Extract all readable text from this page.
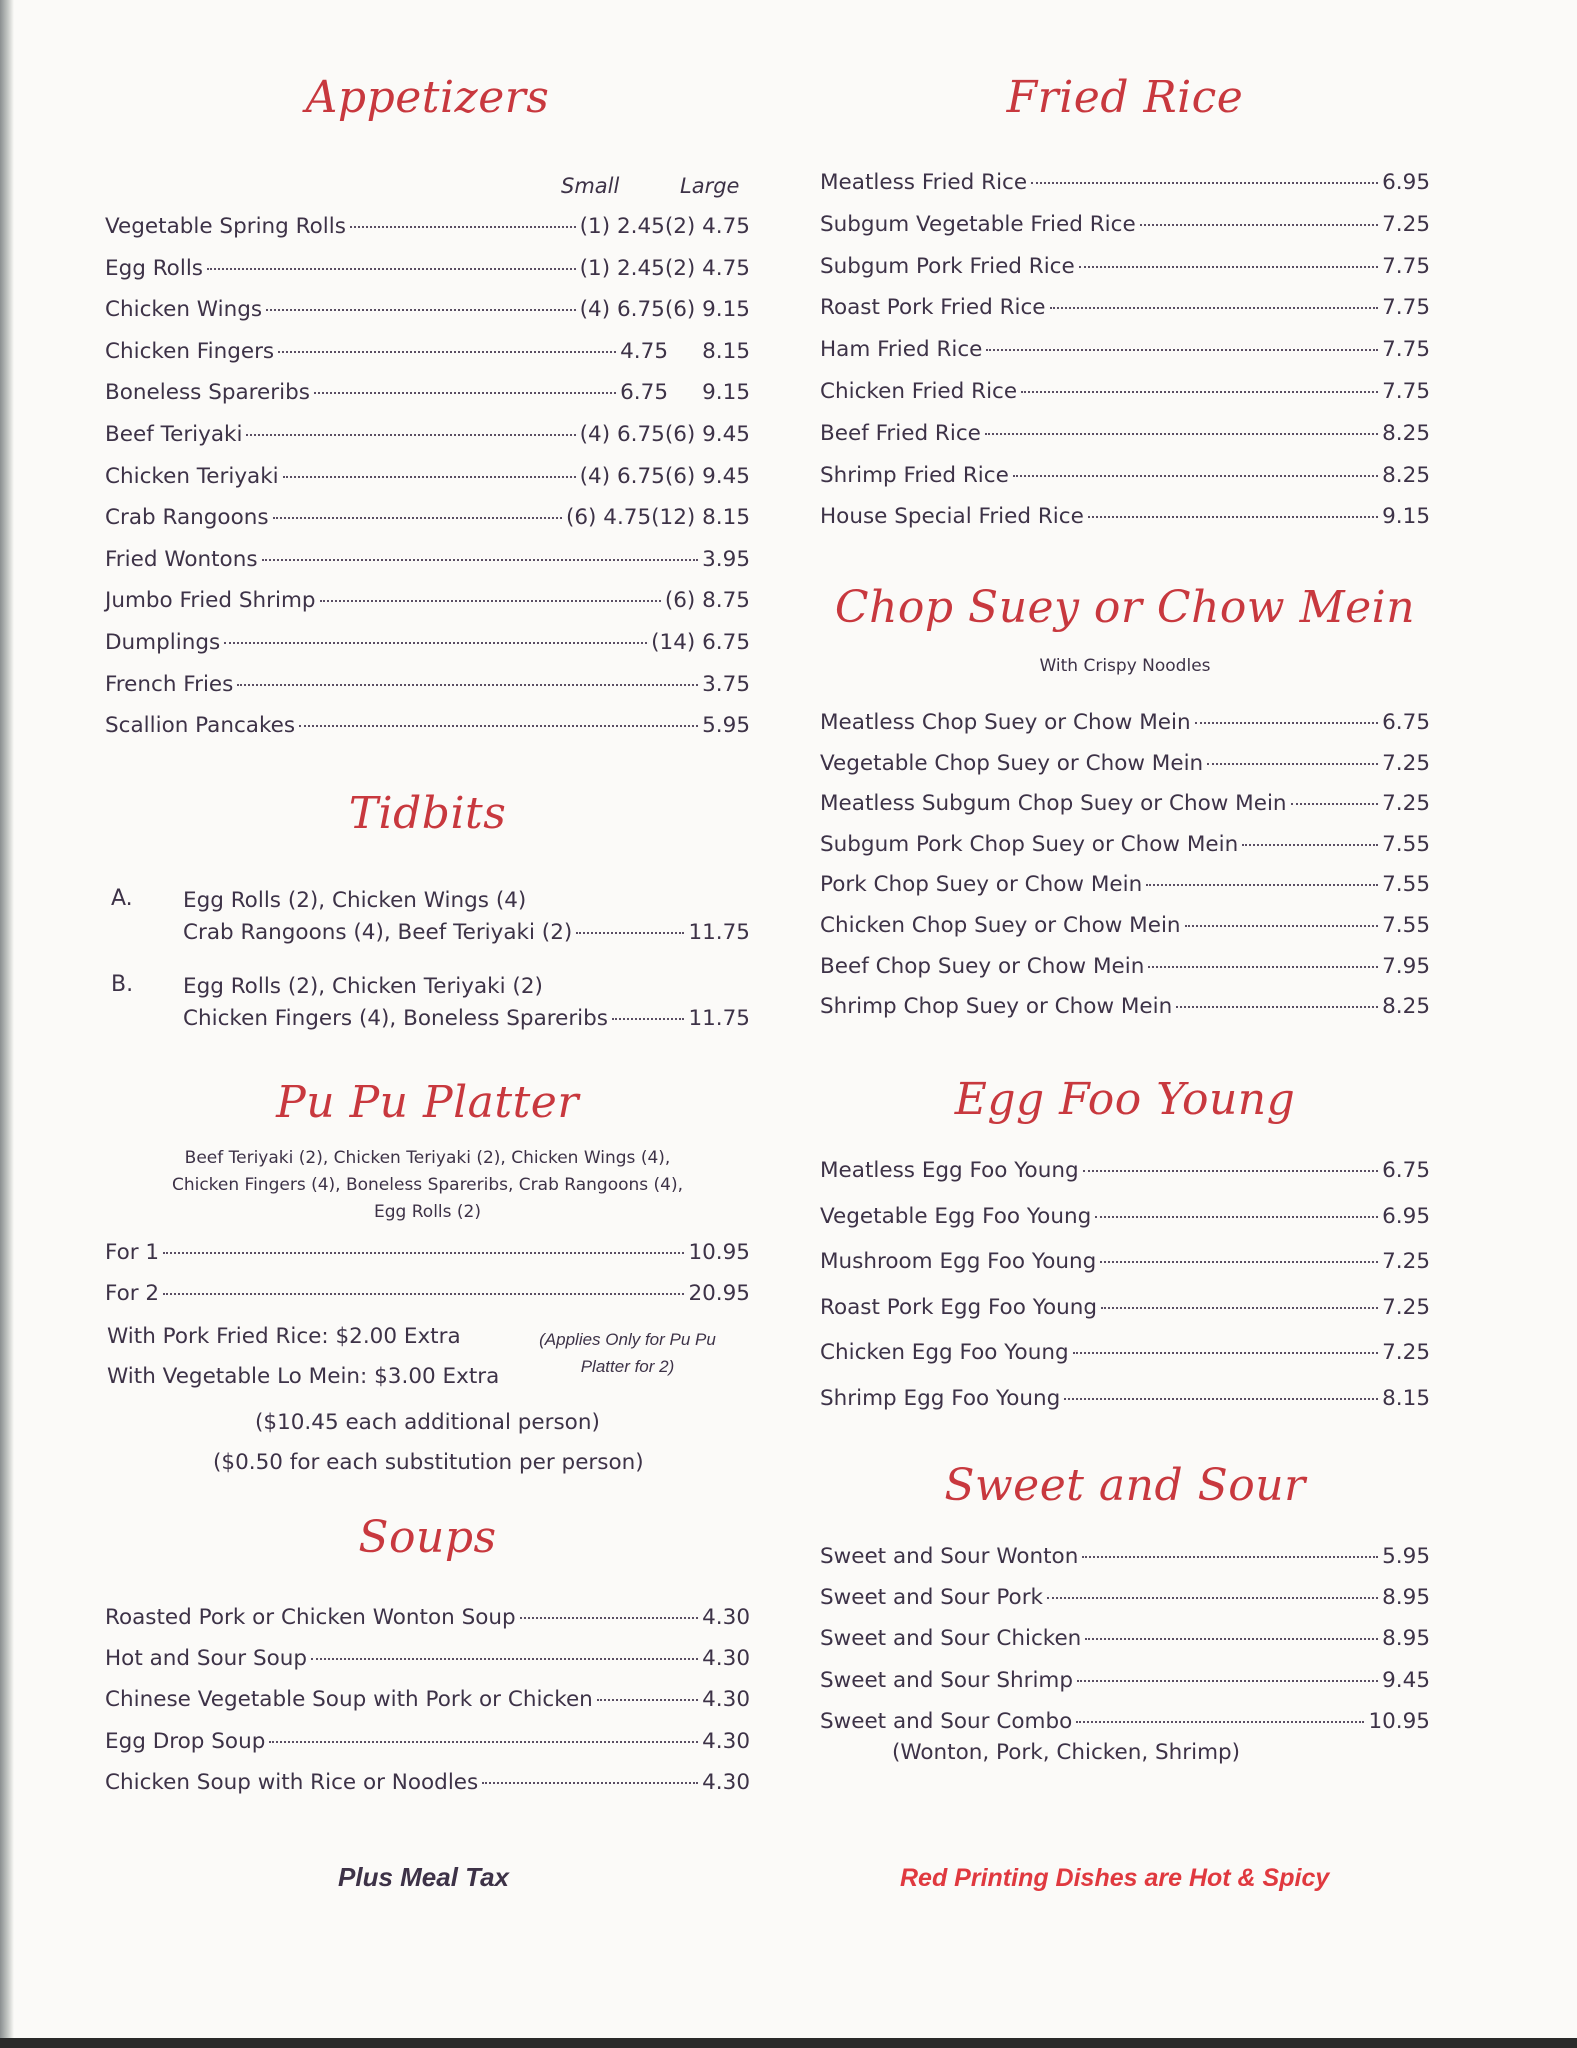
Appetizers
Small	Large
Vegetable Spring Rolls	(1) 2.45 (2) 4.75
Egg Rolls	(1) 2.45 (2) 4.75
Chicken Wings	(4) 6.75 (6) 9.15
Chicken Fingers	4.75	8.15
Boneless Spareribs	6.75	9.15
Beef Teriyaki	(4) 6.75 (6) 9.45
Chicken Teriyaki	(4) 6.75 (6) 9.45
Crab Rangoons	(6) 4.75 (12) 8.15
Fried Wontons	3.95
Jumbo Fried Shrimp	(6) 8.75
Dumplings	(14) 6.75
French Fries	3.75
Scallion Pancakes	5.95
Tidbits
A. Egg Rolls (2), Chicken Wings (4)
Crab Rangoons (4), Beef Teriyaki (2)	11.75
B. Egg Rolls (2), Chicken Teriyaki (2)
Chicken Fingers (4), Boneless Spareribs	11.75
Pu Pu Platter
Beef Teriyaki (2), Chicken Teriyaki (2), Chicken Wings (4),
Chicken Fingers (4), Boneless Spareribs, Crab Rangoons (4),
Egg Rolls (2)
For 1	10.95
For 2	20.95
With Pork Fried Rice: $2.00 Extra
With Vegetable Lo Mein: $3.00 Extra
(Applies Only for Pu Pu
Platter for 2)
($10.45 each additional person)
($0.50 for each substitution per person)
Soups
Roasted Pork or Chicken Wonton Soup	4.30
Hot and Sour Soup	4.30
Chinese Vegetable Soup with Pork or Chicken	4.30
Egg Drop Soup	4.30
Chicken Soup with Rice or Noodles	4.30
Plus Meal Tax
Fried Rice
Meatless Fried Rice	6.95
Subgum Vegetable Fried Rice	7.25
Subgum Pork Fried Rice	7.75
Roast Pork Fried Rice	7.75
Ham Fried Rice	7.75
Chicken Fried Rice	7.75
Beef Fried Rice	8.25
Shrimp Fried Rice	8.25
House Special Fried Rice	9.15
Chop Suey or Chow Mein
With Crispy Noodles
Meatless Chop Suey or Chow Mein	6.75
Vegetable Chop Suey or Chow Mein	7.25
Meatless Subgum Chop Suey or Chow Mein	7.25
Subgum Pork Chop Suey or Chow Mein	7.55
Pork Chop Suey or Chow Mein	7.55
Chicken Chop Suey or Chow Mein	7.55
Beef Chop Suey or Chow Mein	7.95
Shrimp Chop Suey or Chow Mein	8.25
Egg Foo Young
Meatless Egg Foo Young	6.75
Vegetable Egg Foo Young	6.95
Mushroom Egg Foo Young	7.25
Roast Pork Egg Foo Young	7.25
Chicken Egg Foo Young	7.25
Shrimp Egg Foo Young	8.15
Sweet and Sour
Sweet and Sour Wonton	5.95
Sweet and Sour Pork	8.95
Sweet and Sour Chicken	8.95
Sweet and Sour Shrimp	9.45
Sweet and Sour Combo	10.95
(Wonton, Pork, Chicken, Shrimp)
Red Printing Dishes are Hot & Spicy
